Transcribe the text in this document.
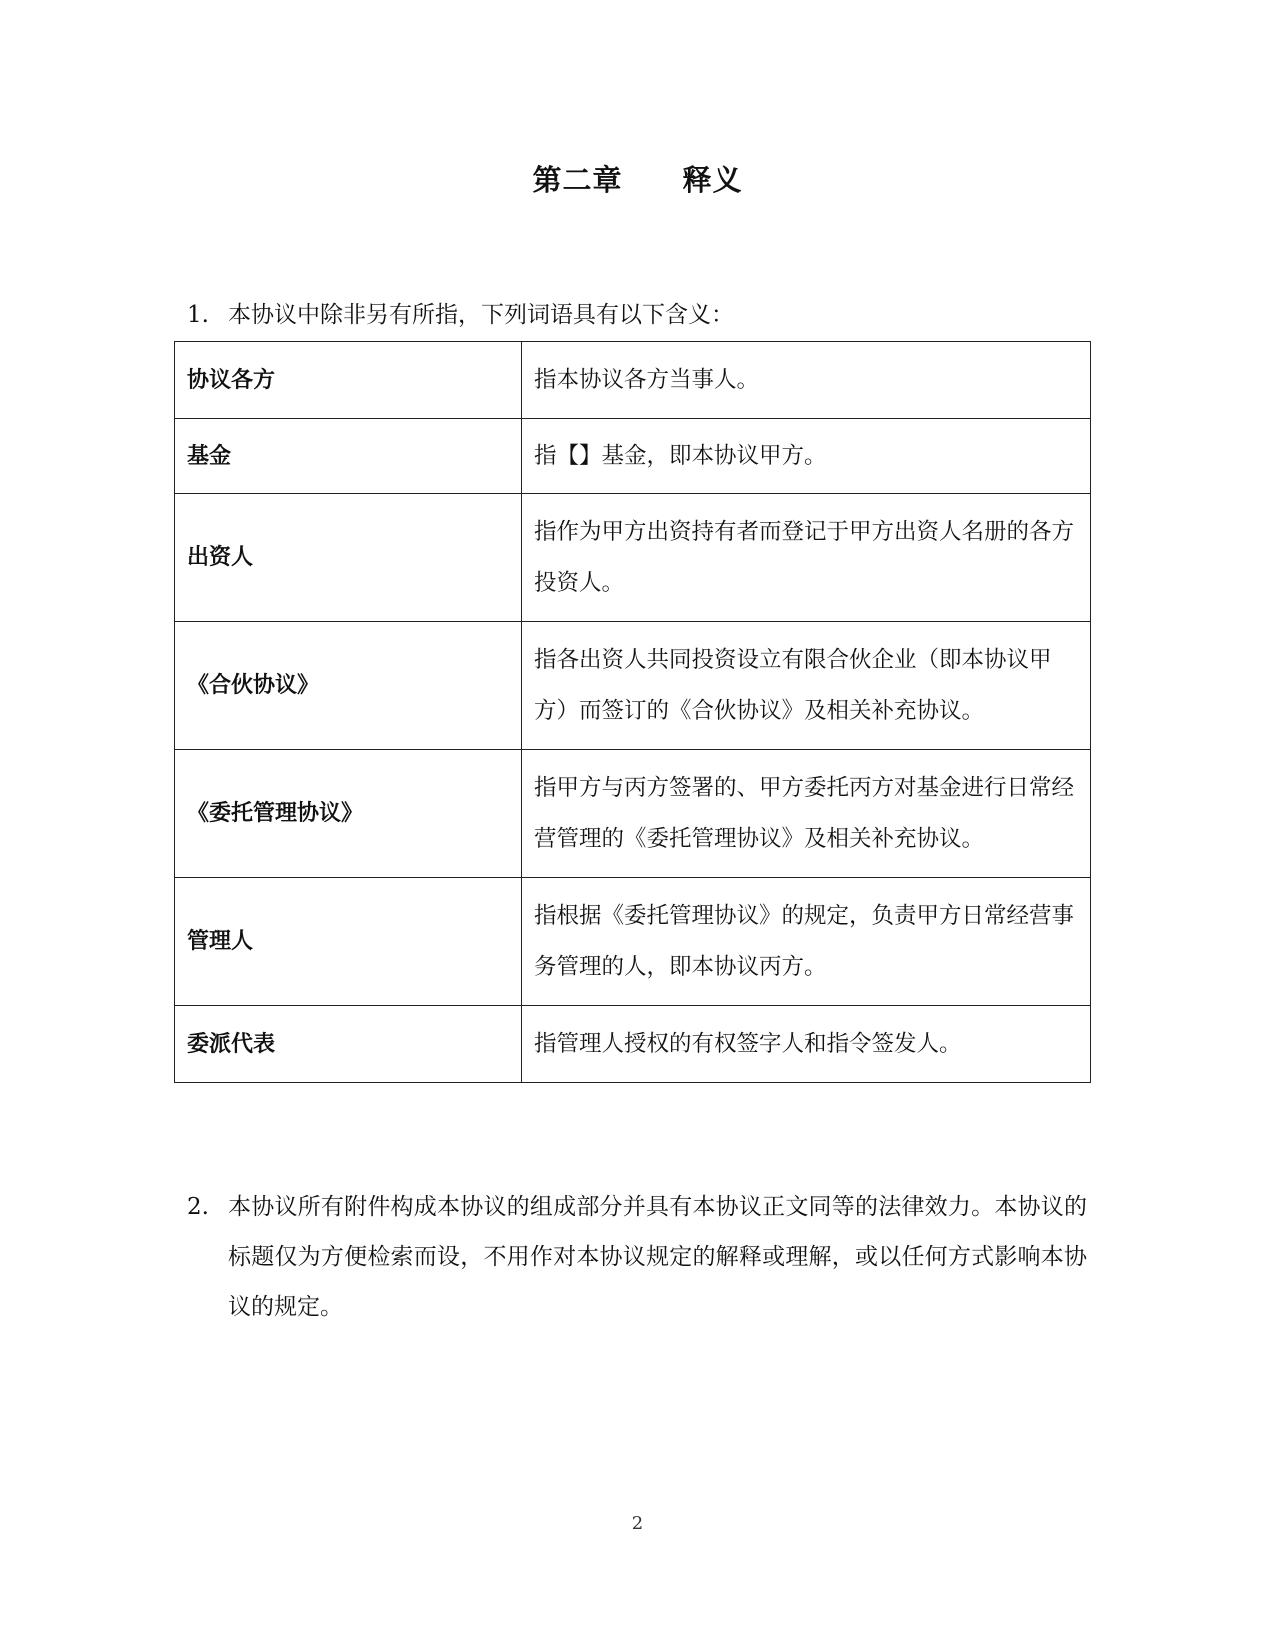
第二章　　释义
1. 本协议中除非另有所指，下列词语具有以下含义：
协议各方	指本协议各方当事人。
基金	指【】基金，即本协议甲方。
出资人	指作为甲方出资持有者而登记于甲方出资人名册的各方投资人。
《合伙协议》	指各出资人共同投资设立有限合伙企业（即本协议甲方）而签订的《合伙协议》及相关补充协议。
《委托管理协议》	指甲方与丙方签署的、甲方委托丙方对基金进行日常经营管理的《委托管理协议》及相关补充协议。
管理人	指根据《委托管理协议》的规定，负责甲方日常经营事务管理的人，即本协议丙方。
委派代表	指管理人授权的有权签字人和指令签发人。
2. 本协议所有附件构成本协议的组成部分并具有本协议正文同等的法律效力。本协议的标题仅为方便检索而设，不用作对本协议规定的解释或理解，或以任何方式影响本协议的规定。
2
